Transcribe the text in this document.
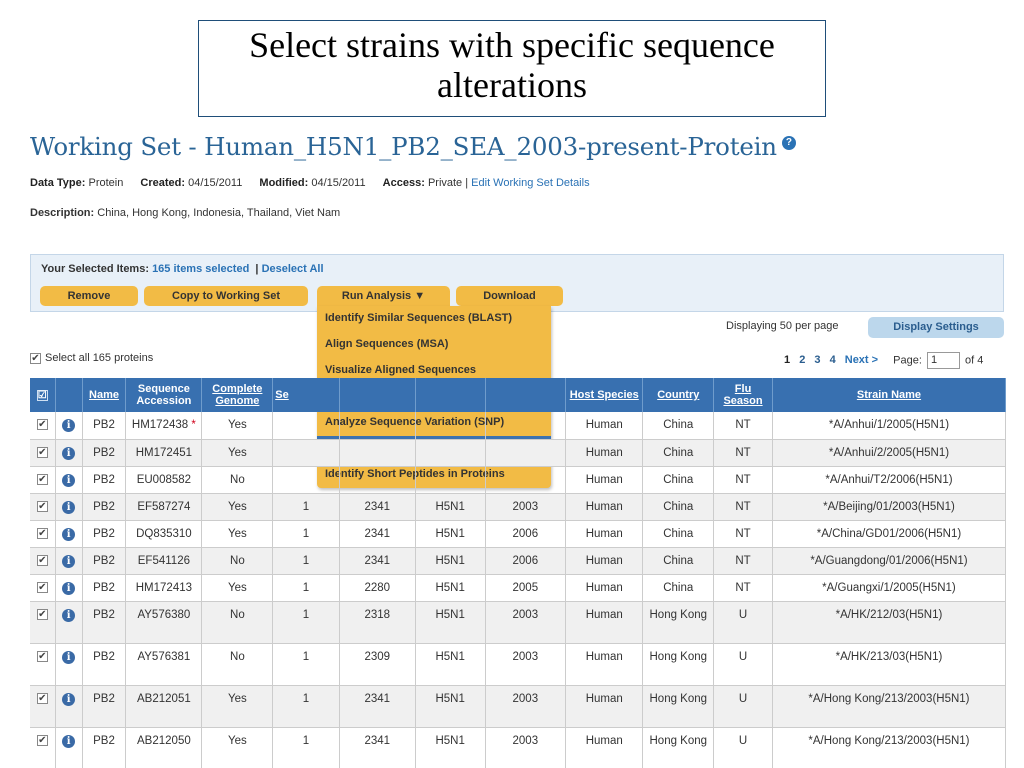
Select strains with specific sequence alterations
Working Set - Human_H5N1_PB2_SEA_2003-present-Protein ?
Data Type: Protein Created: 04/15/2011 Modified: 04/15/2011 Access: Private | Edit Working Set Details
Description: China, Hong Kong, Indonesia, Thailand, Viet Nam
Your Selected Items: 165 items selected | Deselect All
Remove	Copy to Working Set	Run Analysis ▼	Download
Identify Similar Sequences (BLAST)
Align Sequences (MSA)
Visualize Aligned Sequences
Analyze Sequence Variation (SNP)
Identify Short Peptides in Proteins
Displaying 50 per page	Display Settings
✔ Select all 165 proteins	1 2 3 4 Next > Page: 1	of 4
☑		Name	Sequence Accession	Complete Genome	Se				Host Species	Country	Flu Season	Strain Name
✔	i	PB2	HM172438 *	Yes					Human	China	NT	*A/Anhui/1/2005(H5N1)
✔	i	PB2	HM172451	Yes					Human	China	NT	*A/Anhui/2/2005(H5N1)
✔	i	PB2	EU008582	No					Human	China	NT	*A/Anhui/T2/2006(H5N1)
✔	i	PB2	EF587274	Yes	1	2341	H5N1	2003	Human	China	NT	*A/Beijing/01/2003(H5N1)
✔	i	PB2	DQ835310	Yes	1	2341	H5N1	2006	Human	China	NT	*A/China/GD01/2006(H5N1)
✔	i	PB2	EF541126	No	1	2341	H5N1	2006	Human	China	NT	*A/Guangdong/01/2006(H5N1)
✔	i	PB2	HM172413	Yes	1	2280	H5N1	2005	Human	China	NT	*A/Guangxi/1/2005(H5N1)
✔	i	PB2	AY576380	No	1	2318	H5N1	2003	Human	Hong Kong	U	*A/HK/212/03(H5N1)
✔	i	PB2	AY576381	No	1	2309	H5N1	2003	Human	Hong Kong	U	*A/HK/213/03(H5N1)
✔	i	PB2	AB212051	Yes	1	2341	H5N1	2003	Human	Hong Kong	U	*A/Hong Kong/213/2003(H5N1)
✔	i	PB2	AB212050	Yes	1	2341	H5N1	2003	Human	Hong Kong	U	*A/Hong Kong/213/2003(H5N1)
